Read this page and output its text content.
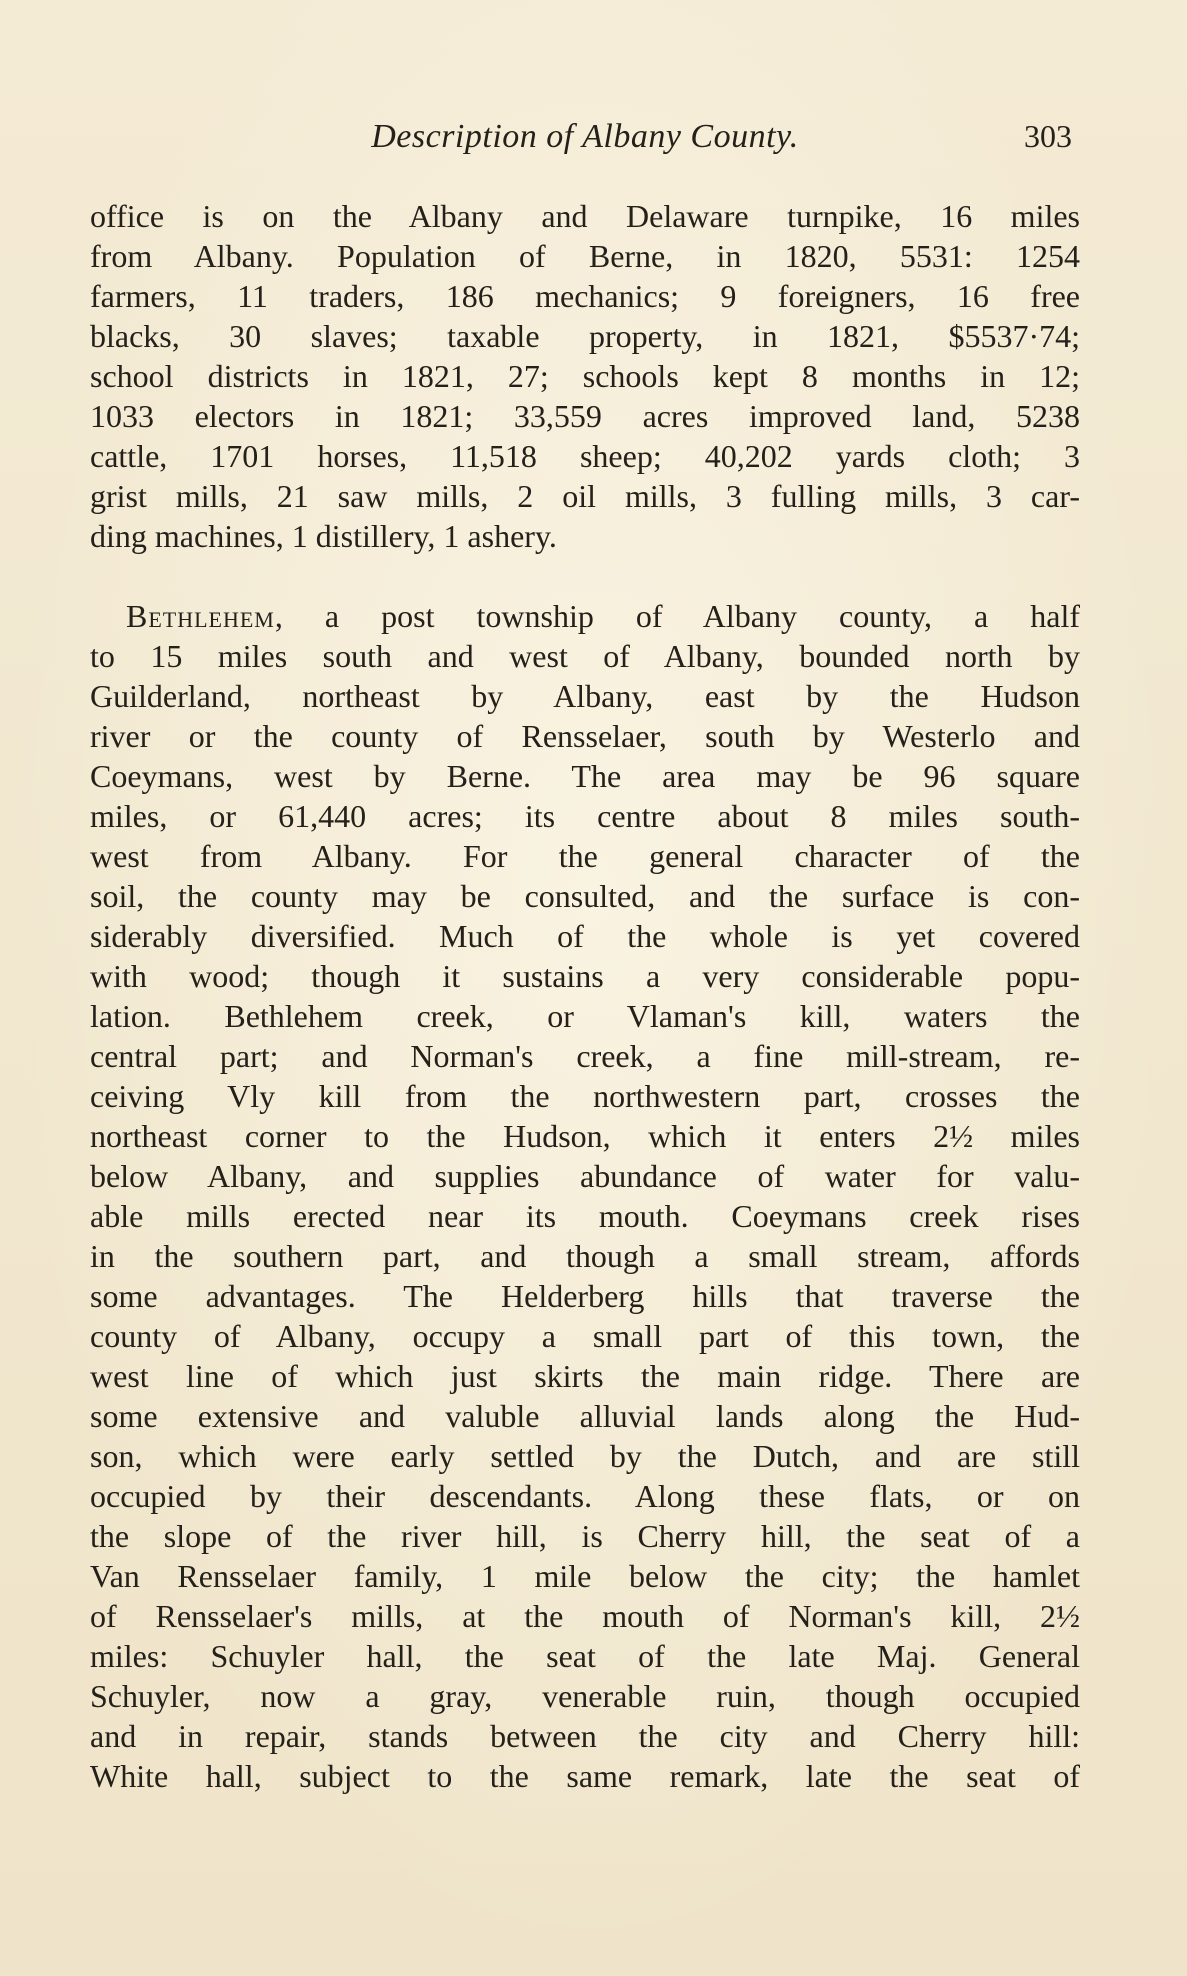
Description of Albany County.	303
office is on the Albany and Delaware turnpike, 16 miles
from Albany. Population of Berne, in 1820, 5531: 1254
farmers, 11 traders, 186 mechanics; 9 foreigners, 16 free
blacks, 30 slaves; taxable property, in 1821, $5537·74;
school districts in 1821, 27; schools kept 8 months in 12;
1033 electors in 1821; 33,559 acres improved land, 5238
cattle, 1701 horses, 11,518 sheep; 40,202 yards cloth; 3
grist mills, 21 saw mills, 2 oil mills, 3 fulling mills, 3 car-
ding machines, 1 distillery, 1 ashery.
Bethlehem, a post township of Albany county, a half
to 15 miles south and west of Albany, bounded north by
Guilderland, northeast by Albany, east by the Hudson
river or the county of Rensselaer, south by Westerlo and
Coeymans, west by Berne. The area may be 96 square
miles, or 61,440 acres; its centre about 8 miles south-
west from Albany. For the general character of the
soil, the county may be consulted, and the surface is con-
siderably diversified. Much of the whole is yet covered
with wood; though it sustains a very considerable popu-
lation. Bethlehem creek, or Vlaman's kill, waters the
central part; and Norman's creek, a fine mill-stream, re-
ceiving Vly kill from the northwestern part, crosses the
northeast corner to the Hudson, which it enters 2½ miles
below Albany, and supplies abundance of water for valu-
able mills erected near its mouth. Coeymans creek rises
in the southern part, and though a small stream, affords
some advantages. The Helderberg hills that traverse the
county of Albany, occupy a small part of this town, the
west line of which just skirts the main ridge. There are
some extensive and valuble alluvial lands along the Hud-
son, which were early settled by the Dutch, and are still
occupied by their descendants. Along these flats, or on
the slope of the river hill, is Cherry hill, the seat of a
Van Rensselaer family, 1 mile below the city; the hamlet
of Rensselaer's mills, at the mouth of Norman's kill, 2½
miles: Schuyler hall, the seat of the late Maj. General
Schuyler, now a gray, venerable ruin, though occupied
and in repair, stands between the city and Cherry hill:
White hall, subject to the same remark, late the seat of
